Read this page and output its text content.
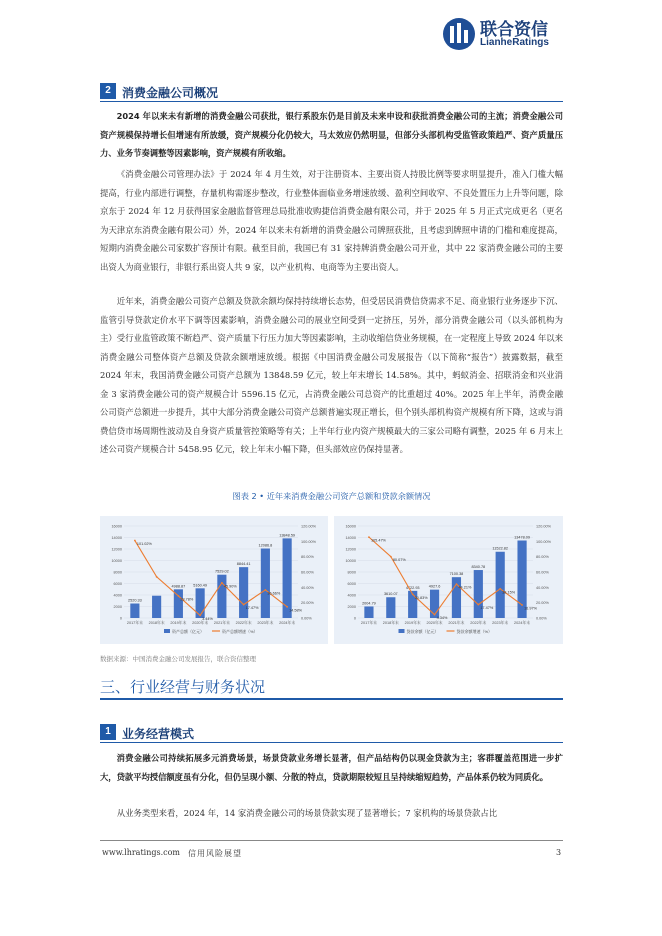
联合资信
LianheRatings
2 消费金融公司概况

2024 年以来未有新增的消费金融公司获批，银行系股东仍是目前及未来申设和获批消费金融公司的主流；消费金融公司资产规模保持增长但增速有所放缓，资产规模分化仍较大，马太效应仍然明显，但部分头部机构受监管政策趋严、资产质量压力、业务节奏调整等因素影响，资产规模有所收缩。

《消费金融公司管理办法》于 2024 年 4 月生效，对于注册资本、主要出资人持股比例等要求明显提升，准入门槛大幅提高，行业内部进行调整，存量机构需逐步整改，行业整体面临业务增速放缓、盈利空间收窄、不良处置压力上升等问题，除京东于 2024 年 12 月获得国家金融监督管理总局批准收购捷信消费金融有限公司，并于 2025 年 5 月正式完成更名（更名为天津京东消费金融有限公司）外，2024 年以来未有新增的消费金融公司牌照获批，且考虑到牌照申请的门槛和难度提高，短期内消费金融公司家数扩容预计有限。截至目前，我国已有 31 家持牌消费金融公司开业，其中 22 家消费金融公司的主要出资人为商业银行，非银行系出资人共 9 家，以产业机构、电商等为主要出资人。

近年来，消费金融公司资产总额及贷款余额均保持持续增长态势，但受居民消费信贷需求不足、商业银行业务逐步下沉、监管引导贷款定价水平下调等因素影响，消费金融公司的展业空间受到一定挤压，另外，部分消费金融公司（以头部机构为主）受行业监管政策不断趋严、资产质量下行压力加大等因素影响，主动收缩信贷业务规模，在一定程度上导致 2024 年以来消费金融公司整体资产总额及贷款余额增速放缓。根据《中国消费金融公司发展报告（以下简称“报告”）披露数据，截至 2024 年末，我国消费金融公司资产总额为 13848.59 亿元，较上年末增长 14.58%。其中，蚂蚁消金、招联消金和兴业消金 3 家消费金融公司的资产规模合计 5596.15 亿元，占消费金融公司总资产的比重超过 40%。2025 年上半年，消费金融公司资产总额进一步提升，其中大部分消费金融公司资产总额普遍实现正增长，但个别头部机构资产规模有所下降，这或与消费信贷市场周期性波动及自身资产质量管控策略等有关；上半年行业内资产规模最大的三家公司略有调整，2025 年 6 月末上述公司资产规模合计 5458.95 亿元，较上年末小幅下降，但头部效应仍保持显著。

图表 2 • 近年来消费金融公司资产总额和贷款余额情况
0
2000
4000
6000
8000
10000
12000
14000
16000
0.00%
20.00%
40.00%
60.00%
80.00%
100.00%
120.00%
2520.33
2017年末 2018年末
4988.87
2019年末
5160.49
2020年末
7529.02
2021年末
8844.41
2022年末
12086.8
2023年末
13848.59
2024年末
101.02%
28.78%
3.44%
45.90%
17.47%
36.66%
14.58%
资产总额（亿元）	资产总额增速（%）
0
2000
4000
6000
8000
10000
12000
14000
16000
0.00%
20.00%
40.00%
60.00%
80.00%
100.00%
120.00%
2004.79
2017年末
3610.07
2018年末
4722.93
2019年末
4927.6
2020年末
7100.38
2021年末
8340.78
2022年末
11522.82
2023年末
13478.09
2024年末
105.47%
80.07%
30.83%
4.34%
44.21%
17.47%
38.15%
16.97%
贷款余额（亿元）	贷款余额增速（%）
数据来源：中国消费金融公司发展报告，联合资信整理
三、行业经营与财务状况
1 业务经营模式

消费金融公司持续拓展多元消费场景，场景贷款业务增长显著，但产品结构仍以现金贷款为主；客群覆盖范围进一步扩大，贷款平均授信额度虽有分化，但仍呈现小额、分散的特点，贷款期限较短且呈持续缩短趋势，产品体系仍较为同质化。

从业务类型来看，2024 年，14 家消费金融公司的场景贷款实现了显著增长；7 家机构的场景贷款占比

www.lhratings.com 信用风险展望	3
